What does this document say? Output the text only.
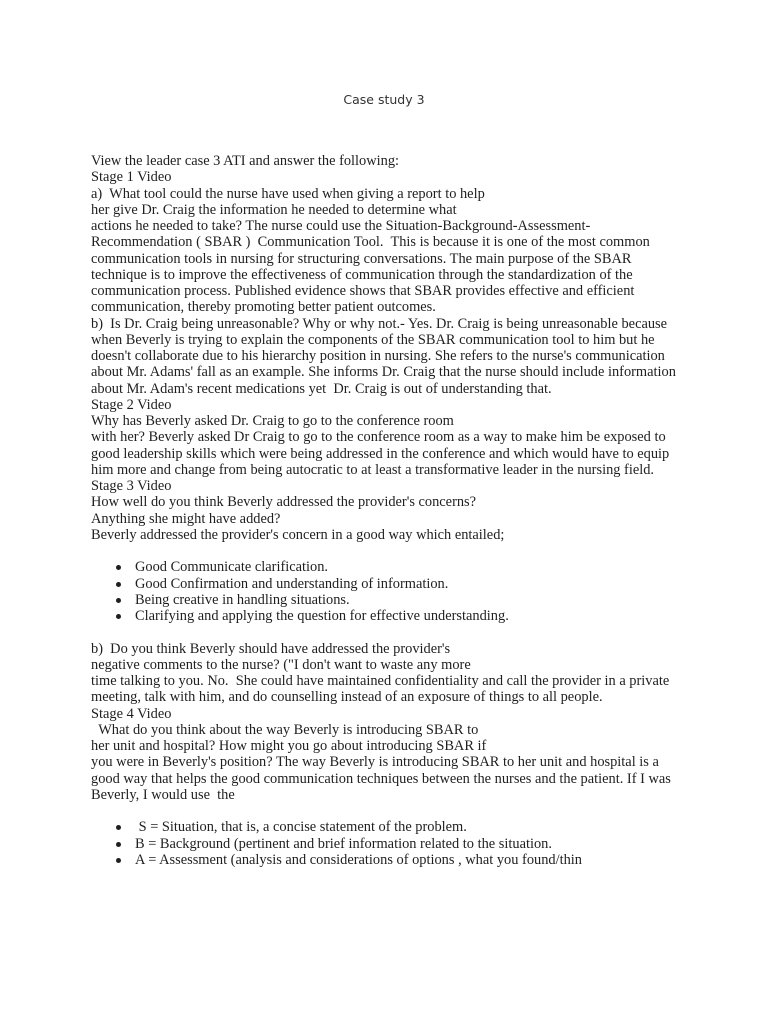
Case study 3

View the leader case 3 ATI and answer the following:

Stage 1 Video

a)  What tool could the nurse have used when giving a report to help

her give Dr. Craig the information he needed to determine what

actions he needed to take? The nurse could use the Situation-Background-Assessment-Recommendation ( SBAR )  Communication Tool.  This is because it is one of the most common communication tools in nursing for structuring conversations. The main purpose of the SBAR technique is to improve the effectiveness of communication through the standardization of the communication process. Published evidence shows that SBAR provides effective and efficient communication, thereby promoting better patient outcomes.

b)  Is Dr. Craig being unreasonable? Why or why not.- Yes. Dr. Craig is being unreasonable because when Beverly is trying to explain the components of the SBAR communication tool to him but he doesn't collaborate due to his hierarchy position in nursing. She refers to the nurse's communication about Mr. Adams' fall as an example. She informs Dr. Craig that the nurse should include information about Mr. Adam's recent medications yet  Dr. Craig is out of understanding that.

Stage 2 Video

Why has Beverly asked Dr. Craig to go to the conference room

with her? Beverly asked Dr Craig to go to the conference room as a way to make him be exposed to good leadership skills which were being addressed in the conference and which would have to equip him more and change from being autocratic to at least a transformative leader in the nursing field.

Stage 3 Video

How well do you think Beverly addressed the provider's concerns?

Anything she might have added?

Beverly addressed the provider's concern in a good way which entailed;

Good Communicate clarification.
Good Confirmation and understanding of information.
Being creative in handling situations.
Clarifying and applying the question for effective understanding.

b)  Do you think Beverly should have addressed the provider's

negative comments to the nurse? ("I don't want to waste any more

time talking to you. No.  She could have maintained confidentiality and call the provider in a private meeting, talk with him, and do counselling instead of an exposure of things to all people.

Stage 4 Video

What do you think about the way Beverly is introducing SBAR to

her unit and hospital? How might you go about introducing SBAR if

you were in Beverly's position? The way Beverly is introducing SBAR to her unit and hospital is a good way that helps the good communication techniques between the nurses and the patient. If I was Beverly, I would use  the

S = Situation, that is, a concise statement of the problem.
B = Background (pertinent and brief information related to the situation.
A = Assessment (analysis and considerations of options , what you found/thin
